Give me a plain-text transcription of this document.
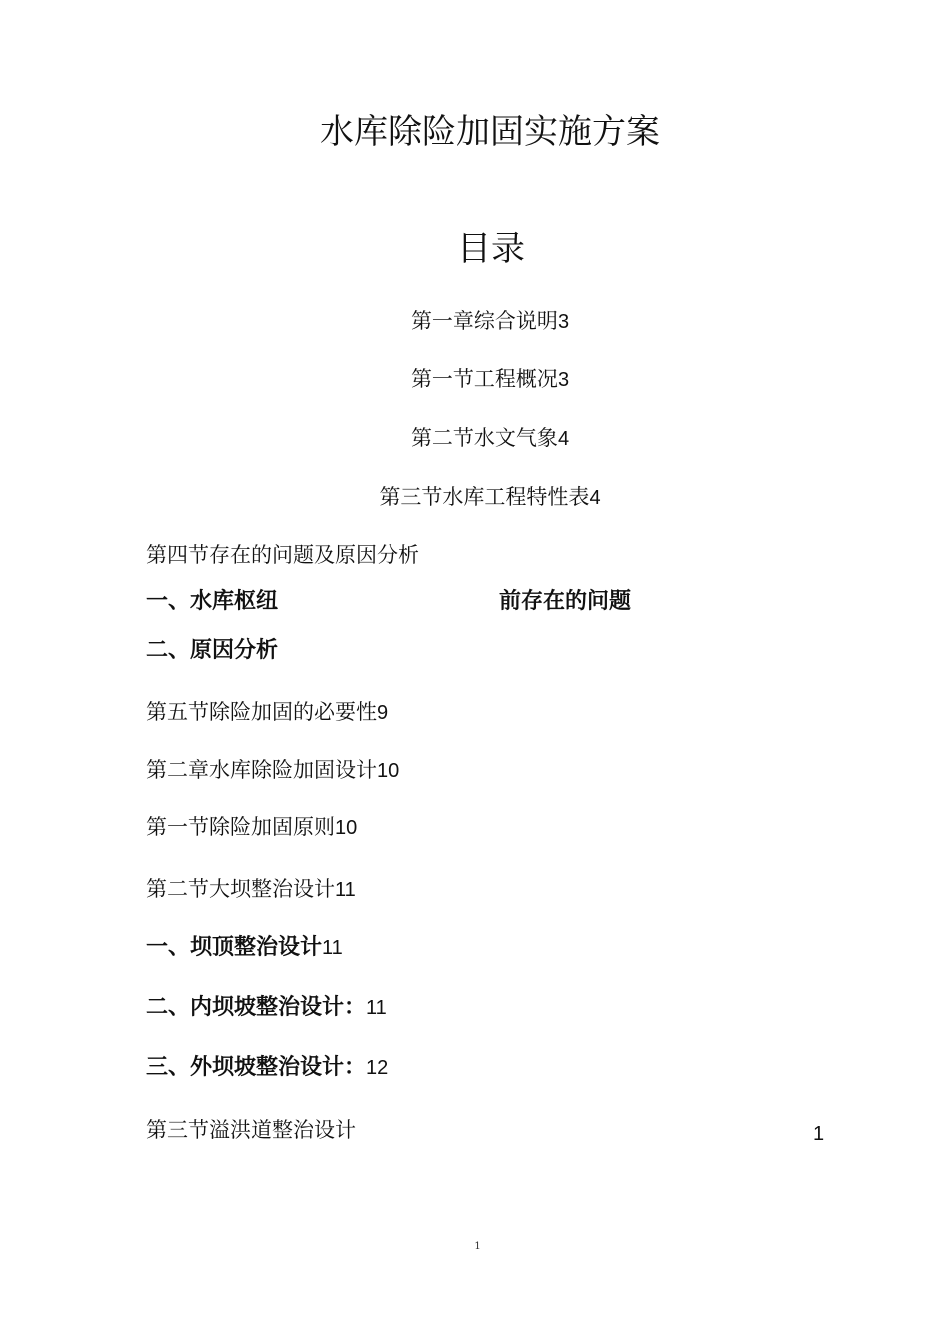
水库除险加固实施方案
目录
第一章综合说明3
第一节工程概况3
第二节水文气象4
第三节水库工程特性表4
第四节存在的问题及原因分析
一、水库枢纽	前存在的问题
二、原因分析
第五节除险加固的必要性9
第二章水库除险加固设计10
第一节除险加固原则10
第二节大坝整治设计11
一、坝顶整治设计11
二、内坝坡整治设计：11
三、外坝坡整治设计：12
第三节溢洪道整治设计	1
1
